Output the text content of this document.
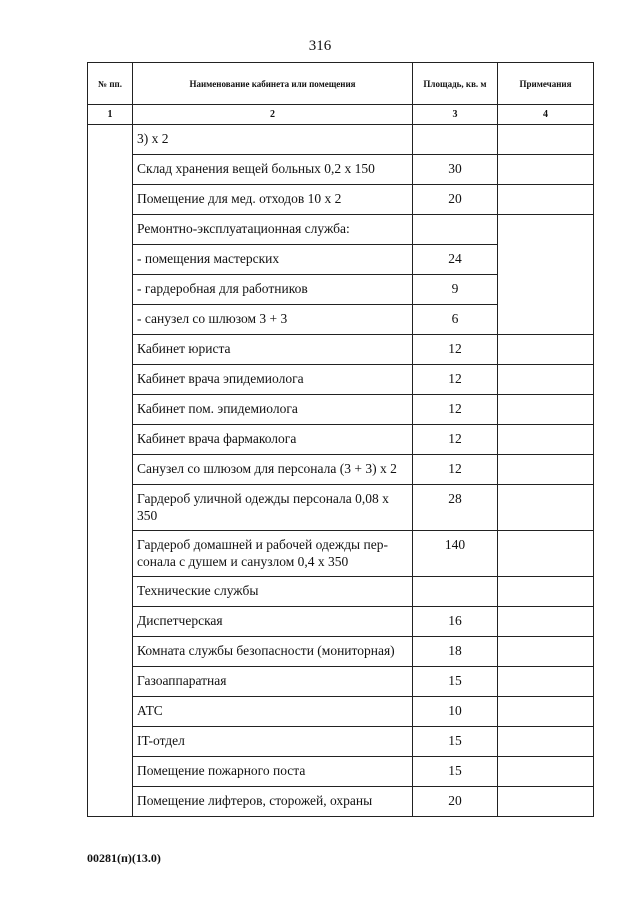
316
№ пп.	Наименование кабинета или помещения	Площадь, кв. м	Примечания
1	2	3	4
	3) x 2		
	Склад хранения вещей больных 0,2 x 150	30	
	Помещение для мед. отходов 10 x 2	20	
	Ремонтно-эксплуатационная служба:		
	- помещения мастерских	24	
	- гардеробная для работников	9	
	- санузел со шлюзом 3 + 3	6	
	Кабинет юриста	12	
	Кабинет врача эпидемиолога	12	
	Кабинет пом. эпидемиолога	12	
	Кабинет врача фармаколога	12	
	Санузел со шлюзом для персонала (3 + 3) x 2	12	
	Гардероб уличной одежды персонала 0,08 x 350	28	
	Гардероб домашней и рабочей одежды пер-сонала с душем и санузлом 0,4 x 350	140	
	Технические службы		
	Диспетчерская	16	
	Комната службы безопасности (мониторная)	18	
	Газоаппаратная	15	
	АТС	10	
	IT-отдел	15	
	Помещение пожарного поста	15	
	Помещение лифтеров, сторожей, охраны	20	
00281(п)(13.0)
